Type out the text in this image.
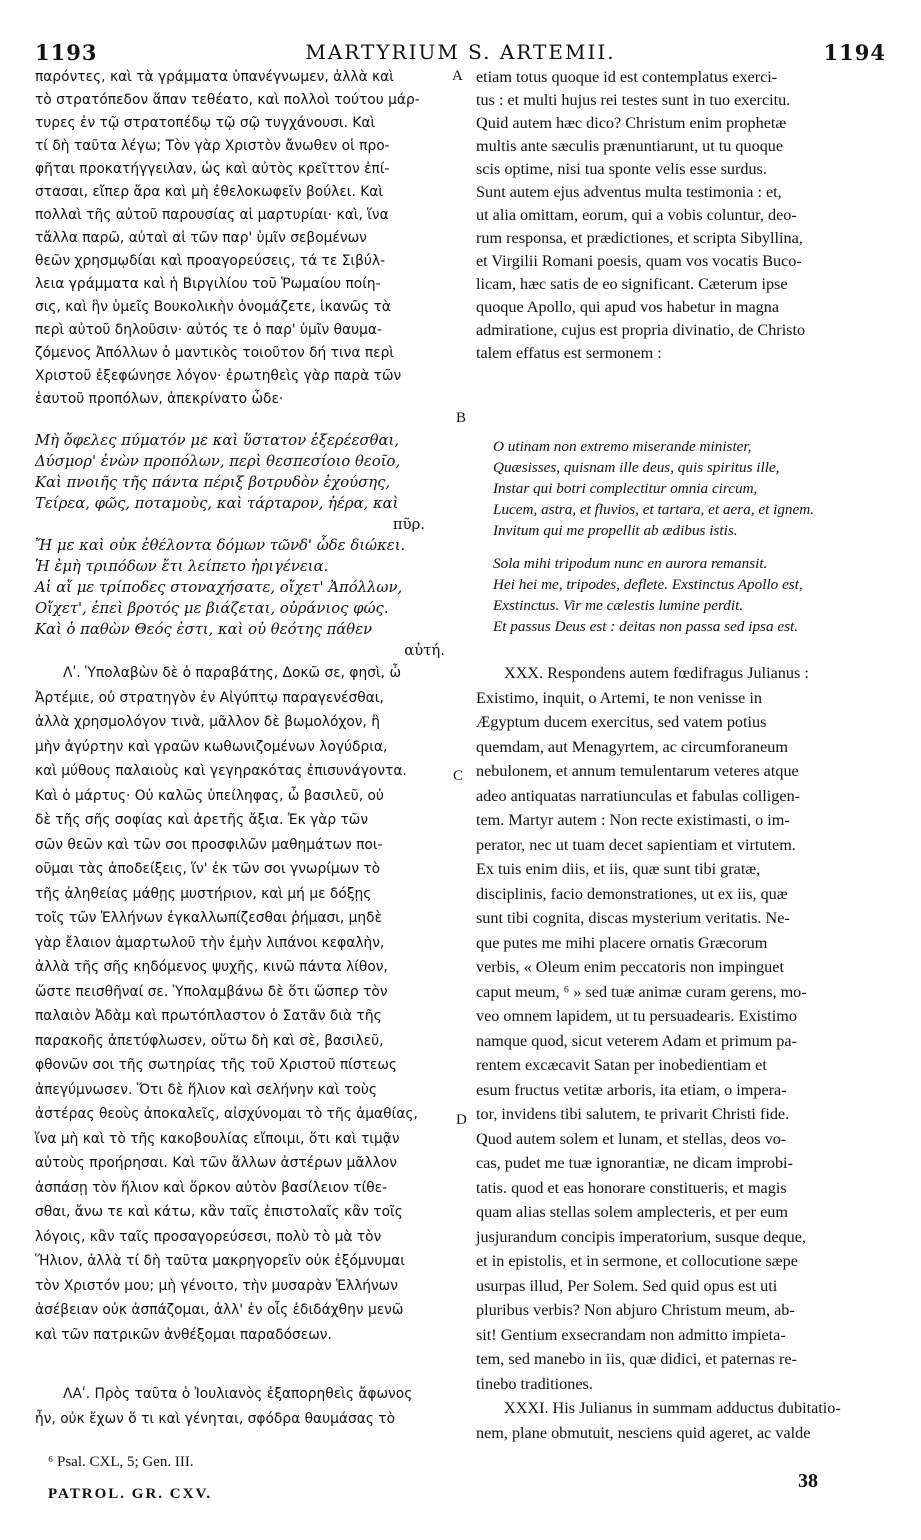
1193	MARTYRIUM S. ARTEMII.	1194
A
B
C
D

παρόντες, καὶ τὰ γράμματα ὑπανέγνωμεν, ἀλλὰ καὶ

τὸ στρατόπεδον ἅπαν τεθέατο, καὶ πολλοὶ τούτου μάρ-

τυρες ἐν τῷ στρατοπέδῳ τῷ σῷ τυγχάνουσι. Καὶ

τί δὴ ταῦτα λέγω; Τὸν γὰρ Χριστὸν ἄνωθεν οἱ προ-

φῆται προκατήγγειλαν, ὡς καὶ αὐτὸς κρεῖττον ἐπί-

στασαι, εἴπερ ἄρα καὶ μὴ ἐθελοκωφεῖν βούλει. Καὶ

πολλαὶ τῆς αὐτοῦ παρουσίας αἱ μαρτυρίαι· καὶ, ἵνα

τἄλλα παρῶ, αὐταὶ αἱ τῶν παρ' ὑμῖν σεβομένων

θεῶν χρησμῳδίαι καὶ προαγορεύσεις, τά τε Σιβύλ-

λεια γράμματα καὶ ἡ Βιργιλίου τοῦ Ῥωμαίου ποίη-

σις, καὶ ἣν ὑμεῖς Βουκολικὴν ὀνομάζετε, ἱκανῶς τὰ

περὶ αὐτοῦ δηλοῦσιν· αὐτός τε ὁ παρ' ὑμῖν θαυμα-

ζόμενος Ἀπόλλων ὁ μαντικὸς τοιοῦτον δή τινα περὶ

Χριστοῦ ἐξεφώνησε λόγον· ἐρωτηθεὶς γὰρ παρὰ τῶν

ἑαυτοῦ προπόλων, ἀπεκρίνατο ὧδε·

Μὴ ὄφελες πύματόν με καὶ ὕστατον ἐξερέεσθαι,

Δύσμορ' ἐνὼν προπόλων, περὶ θεσπεσίοιο θεοῖο,

Καὶ πνοιῆς τῆς πάντα πέριξ βοτρυδὸν ἐχούσης,

Τείρεα, φῶς, ποταμοὺς, καὶ τάρταρον, ἠέρα, καὶ

πῦρ.

Ἤ με καὶ οὐκ ἐθέλοντα δόμων τῶνδ' ὧδε διώκει.

Ἡ ἐμὴ τριπόδων ἔτι λείπετο ἠριγένεια.

Αἱ αἴ με τρίποδες στοναχήσατε, οἴχετ' Ἀπόλλων,

Οἴχετ', ἐπεὶ βροτός με βιάζεται, οὐράνιος φώς.

Καὶ ὁ παθὼν Θεός ἐστι, καὶ οὐ θεότης πάθεν

αὐτή.

Λʹ. Ὑπολαβὼν δὲ ὁ παραβάτης, Δοκῶ σε, φησὶ, ὦ

Ἀρτέμιε, οὐ στρατηγὸν ἐν Αἰγύπτῳ παραγενέσθαι,

ἀλλὰ χρησμολόγον τινὰ, μᾶλλον δὲ βωμολόχον, ἢ

μὴν ἀγύρτην καὶ γραῶν κωθωνιζομένων λογύδρια,

καὶ μύθους παλαιοὺς καὶ γεγηρακότας ἐπισυνάγοντα.

Καὶ ὁ μάρτυς· Οὐ καλῶς ὑπείληφας, ὦ βασιλεῦ, οὐ

δὲ τῆς σῆς σοφίας καὶ ἀρετῆς ἄξια. Ἐκ γὰρ τῶν

σῶν θεῶν καὶ τῶν σοι προσφιλῶν μαθημάτων ποι-

οῦμαι τὰς ἀποδείξεις, ἵν' ἐκ τῶν σοι γνωρίμων τὸ

τῆς ἀληθείας μάθῃς μυστήριον, καὶ μή με δόξῃς

τοῖς τῶν Ἑλλήνων ἐγκαλλωπίζεσθαι ῥήμασι, μηδὲ

γὰρ ἔλαιον ἁμαρτωλοῦ τὴν ἐμὴν λιπάνοι κεφαλὴν,

ἀλλὰ τῆς σῆς κηδόμενος ψυχῆς, κινῶ πάντα λίθον,

ὥστε πεισθῆναί σε. Ὑπολαμβάνω δὲ ὅτι ὥσπερ τὸν

παλαιὸν Ἀδὰμ καὶ πρωτόπλαστον ὁ Σατᾶν διὰ τῆς

παρακοῆς ἀπετύφλωσεν, οὕτω δὴ καὶ σὲ, βασιλεῦ,

φθονῶν σοι τῆς σωτηρίας τῆς τοῦ Χριστοῦ πίστεως

ἀπεγύμνωσεν. Ὅτι δὲ ἥλιον καὶ σελήνην καὶ τοὺς

ἀστέρας θεοὺς ἀποκαλεῖς, αἰσχύνομαι τὸ τῆς ἀμαθίας,

ἵνα μὴ καὶ τὸ τῆς κακοβουλίας εἴποιμι, ὅτι καὶ τιμᾷν

αὐτοὺς προήρησαι. Καὶ τῶν ἄλλων ἀστέρων μᾶλλον

ἀσπάσῃ τὸν ἥλιον καὶ ὅρκον αὐτὸν βασίλειον τίθε-

σθαι, ἄνω τε καὶ κάτω, κἂν ταῖς ἐπιστολαῖς κἂν τοῖς

λόγοις, κἂν ταῖς προσαγορεύσεσι, πολὺ τὸ μὰ τὸν

Ἥλιον, ἀλλὰ τί δὴ ταῦτα μακρηγορεῖν οὐκ ἐξόμνυμαι

τὸν Χριστόν μου; μὴ γένοιτο, τὴν μυσαρὰν Ἑλλήνων

ἀσέβειαν οὐκ ἀσπάζομαι, ἀλλ' ἐν οἷς ἐδιδάχθην μενῶ

καὶ τῶν πατρικῶν ἀνθέξομαι παραδόσεων.

ΛΑʹ. Πρὸς ταῦτα ὁ Ἰουλιανὸς ἐξαπορηθεὶς ἄφωνος

ἦν, οὐκ ἔχων ὅ τι καὶ γένηται, σφόδρα θαυμάσας τὸ

etiam totus quoque id est contemplatus exerci-

tus : et multi hujus rei testes sunt in tuo exercitu.

Quid autem hæc dico? Christum enim prophetæ

multis ante sæculis prænuntiarunt, ut tu quoque

scis optime, nisi tua sponte velis esse surdus.

Sunt autem ejus adventus multa testimonia : et,

ut alia omittam, eorum, qui a vobis coluntur, deo-

rum responsa, et prædictiones, et scripta Sibyllina,

et Virgilii Romani poesis, quam vos vocatis Buco-

licam, hæc satis de eo significant. Cæterum ipse

quoque Apollo, qui apud vos habetur in magna

admiratione, cujus est propria divinatio, de Christo

talem effatus est sermonem :

O utinam non extremo miserande minister,

Quæsisses, quisnam ille deus, quis spiritus ille,

Instar qui botri complectitur omnia circum,

Lucem, astra, et fluvios, et tartara, et aera, et ignem.

Invitum qui me propellit ab ædibus istis.

Sola mihi tripodum nunc en aurora remansit.

Hei hei me, tripodes, deflete. Exstinctus Apollo est,

Exstinctus. Vir me cælestis lumine perdit.

Et passus Deus est : deitas non passa sed ipsa est.

XXX. Respondens autem fœdifragus Julianus :

Existimo, inquit, o Artemi, te non venisse in

Ægyptum ducem exercitus, sed vatem potius

quemdam, aut Menagyrtem, ac circumforaneum

nebulonem, et annum temulentarum veteres atque

adeo antiquatas narratiunculas et fabulas colligen-

tem. Martyr autem : Non recte existimasti, o im-

perator, nec ut tuam decet sapientiam et virtutem.

Ex tuis enim diis, et iis, quæ sunt tibi gratæ,

disciplinis, facio demonstrationes, ut ex iis, quæ

sunt tibi cognita, discas mysterium veritatis. Ne-

que putes me mihi placere ornatis Græcorum

verbis, « Oleum enim peccatoris non impinguet

caput meum, ⁶ » sed tuæ animæ curam gerens, mo-

veo omnem lapidem, ut tu persuadearis. Existimo

namque quod, sicut veterem Adam et primum pa-

rentem excæcavit Satan per inobedientiam et

esum fructus vetitæ arboris, ita etiam, o impera-

tor, invidens tibi salutem, te privarit Christi fide.

Quod autem solem et lunam, et stellas, deos vo-

cas, pudet me tuæ ignorantiæ, ne dicam improbi-

tatis. quod et eas honorare constitueris, et magis

quam alias stellas solem amplecteris, et per eum

jusjurandum concipis imperatorium, susque deque,

et in epistolis, et in sermone, et collocutione sæpe

usurpas illud, Per Solem. Sed quid opus est uti

pluribus verbis? Non abjuro Christum meum, ab-

sit! Gentium exsecrandam non admitto impieta-

tem, sed manebo in iis, quæ didici, et paternas re-

tinebo traditiones.

XXXI. His Julianus in summam adductus dubitatio-

nem, plane obmutuit, nesciens quid ageret, ac valde

⁶ Psal. CXL, 5; Gen. III.
PATROL. GR. CXV.
38
